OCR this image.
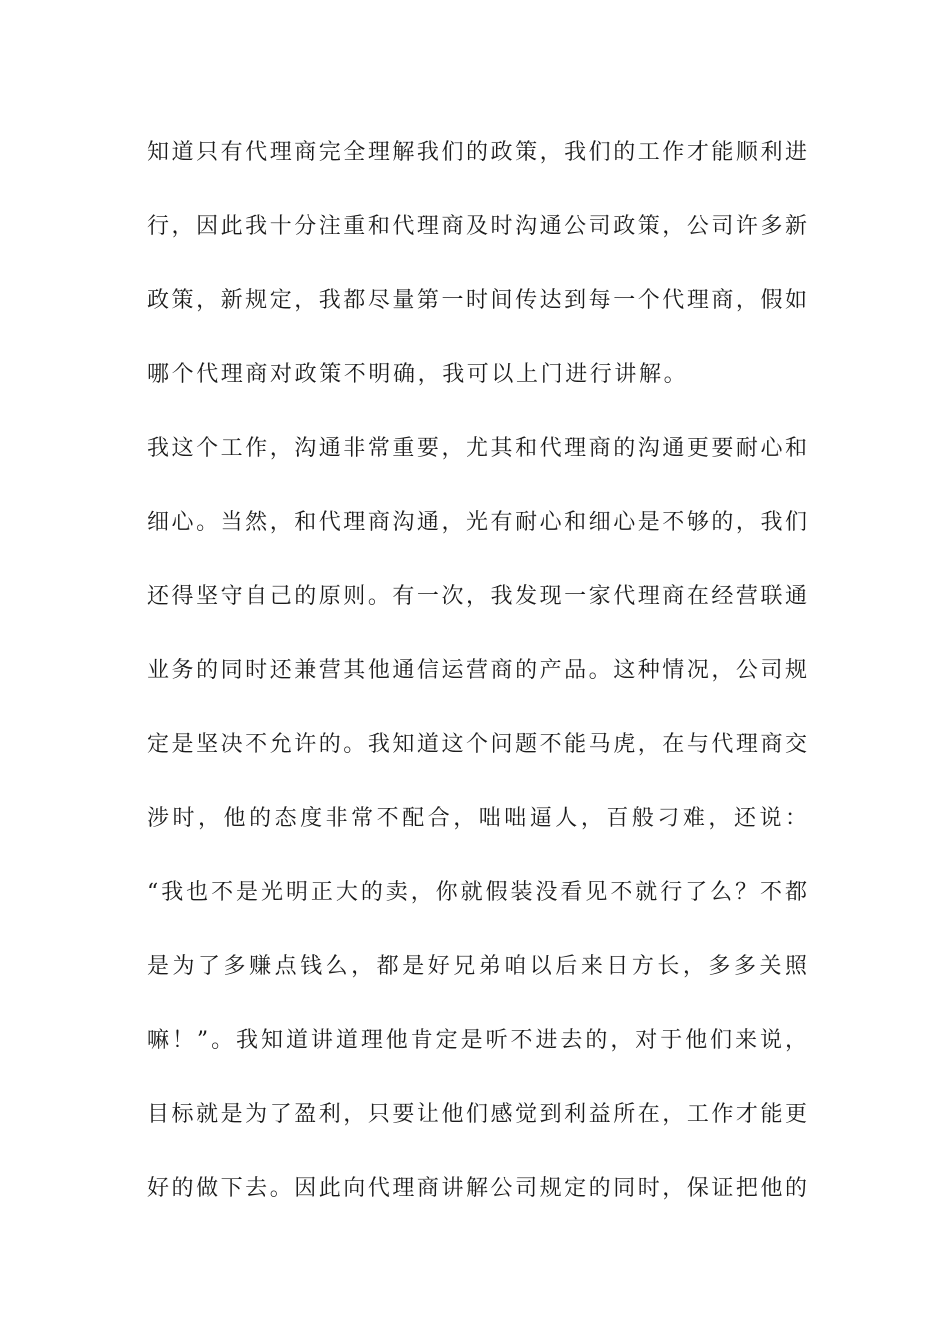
知道只有代理商完全理解我们的政策，我们的工作才能顺利进
行，因此我十分注重和代理商及时沟通公司政策，公司许多新
政策，新规定，我都尽量第一时间传达到每一个代理商，假如
哪个代理商对政策不明确，我可以上门进行讲解。
我这个工作，沟通非常重要，尤其和代理商的沟通更要耐心和
细心。当然，和代理商沟通，光有耐心和细心是不够的，我们
还得坚守自己的原则。有一次，我发现一家代理商在经营联通
业务的同时还兼营其他通信运营商的产品。这种情况，公司规
定是坚决不允许的。我知道这个问题不能马虎，在与代理商交
涉时，他的态度非常不配合，咄咄逼人，百般刁难，还说：
“我也不是光明正大的卖，你就假装没看见不就行了么？不都
是为了多赚点钱么，都是好兄弟咱以后来日方长，多多关照
嘛！”。我知道讲道理他肯定是听不进去的，对于他们来说，
目标就是为了盈利，只要让他们感觉到利益所在，工作才能更
好的做下去。因此向代理商讲解公司规定的同时，保证把他的
